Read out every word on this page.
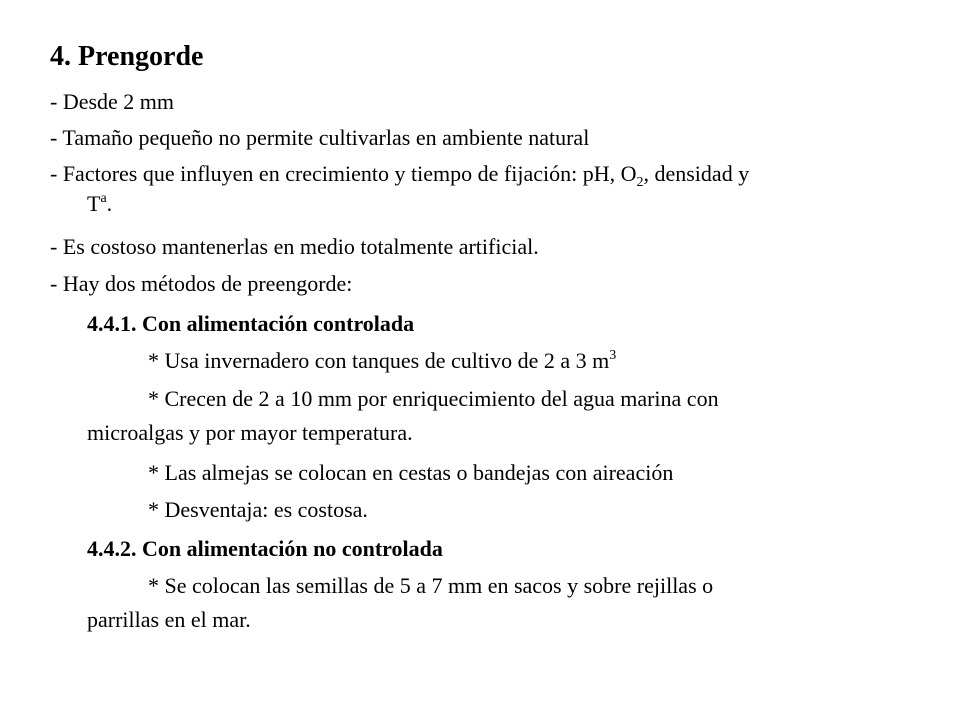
4. Prengorde
- Desde 2 mm
- Tamaño pequeño no permite cultivarlas en ambiente natural
- Factores que influyen en crecimiento y tiempo de fijación: pH, $O_2$, densidad y
$T^a$.
- Es costoso mantenerlas en medio totalmente artificial.
- Hay dos métodos de preengorde:
4.4.1. Con alimentación controlada
* Usa invernadero con tanques de cultivo de 2 a 3 $m^3$
* Crecen de 2 a 10 mm por enriquecimiento del agua marina con
microalgas y por mayor temperatura.
* Las almejas se colocan en cestas o bandejas con aireación
* Desventaja: es costosa.
4.4.2. Con alimentación no controlada
* Se colocan las semillas de 5 a 7 mm en sacos y sobre rejillas o
parrillas en el mar.
